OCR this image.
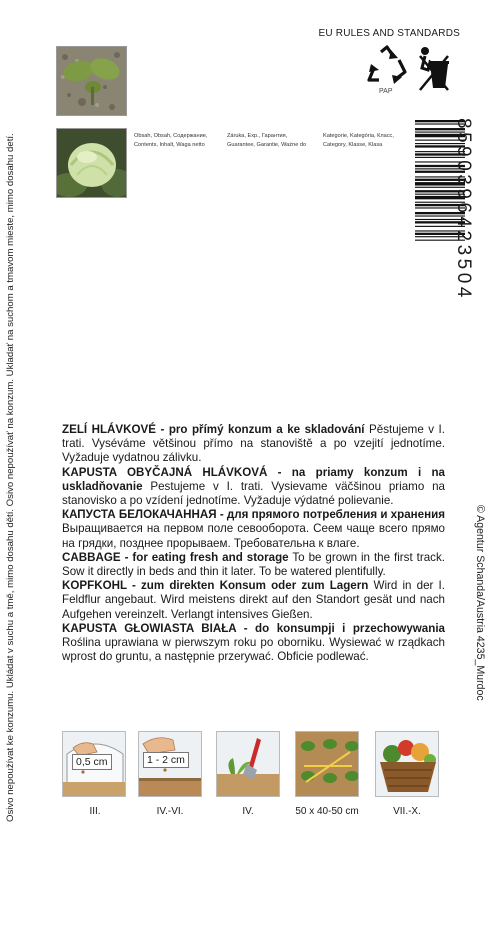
Osivo nepoužívat ke konzumu. Ukládat v suchu a tmě, mimo dosahu dětí. Osivo nepoužívať na konzum. Ukladať na suchom a tmavom mieste, mimo dosahu detí.	© Agentur Schanda/Austria 4235_Murdoc
EU RULES AND STANDARDS
PAP
Obsah, Obsah, Содержание,
Contents, Inhalt, Waga netto
Záruka, Exp., Гарантия,
Guarantee, Garantie, Ważne do
Kategorie, Kategória, Класс,
Category, Klasse, Klasa	8590396423504

ZELÍ HLÁVKOVÉ - pro přímý konzum a ke skladování Pěstujeme v I. trati. Vyséváme většinou přímo na stanoviště a po vzejití jednotíme. Vyžaduje vydatnou zálivku.

KAPUSTA OBYČAJNÁ HLÁVKOVÁ - na priamy konzum i na uskladňovanie Pestujeme v I. trati. Vysievame väčšinou priamo na stanovisko a po vzídení jednotíme. Vyžaduje výdatné polievanie.

КАПУСТА БЕЛОКАЧАННАЯ - для прямого потребления и хранения Выращивается на первом поле севооборота. Сеем чаще всего прямо на грядки, позднее прорываем. Требовательна к влаге.

CABBAGE - for eating fresh and storage To be grown in the first track. Sow it directly in beds and thin it later. To be watered plentifully.

KOPFKOHL - zum direkten Konsum oder zum Lagern Wird in der I. Feldflur angebaut. Wird meistens direkt auf den Standort gesät und nach Aufgehen vereinzelt. Verlangt intensives Gießen.

KAPUSTA GŁOWIASTA BIAŁA - do konsumpji i przechowywania Roślina uprawiana w pierwszym roku po oborniku. Wysiewać w rządkach wprost do gruntu, a następnie przerywać. Obficie podlewać.

0,5 cm	1 - 2 cm
III.	IV.-VI.	IV.	50 x 40-50 cm	VII.-X.
